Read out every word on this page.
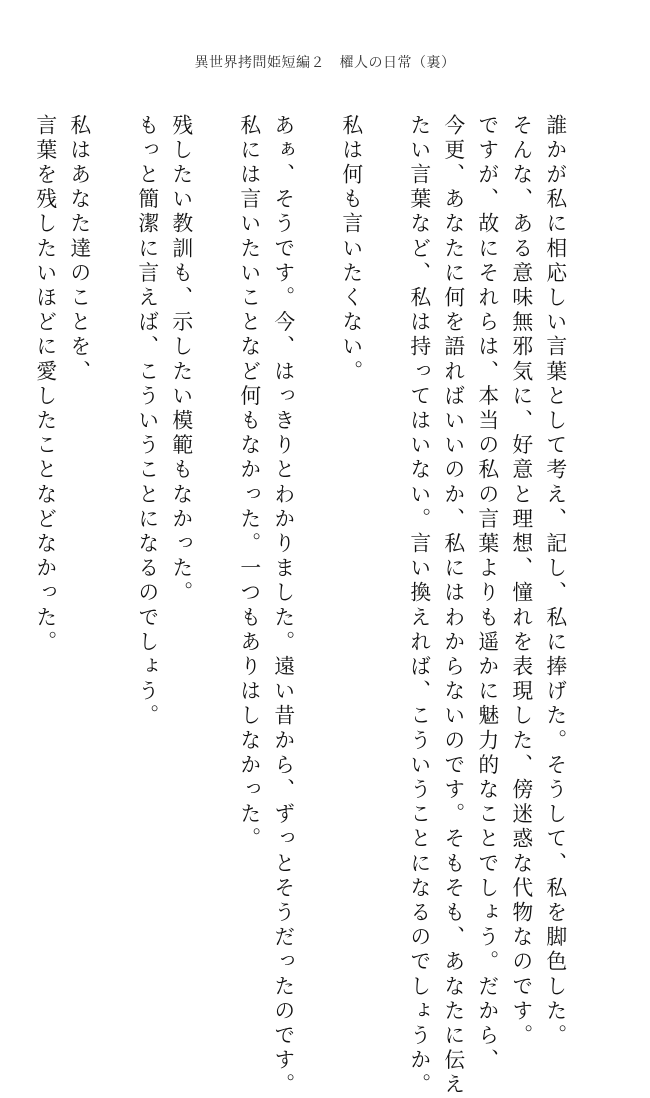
異世界拷問姫短編２　櫂人の日常（裏）
誰かが私に相応しい言葉として考え、記し、私に捧げた。そうして、私を脚色した。
そんな、ある意味無邪気に、好意と理想、憧れを表現した、傍迷惑な代物なのです。
ですが、故にそれらは、本当の私の言葉よりも遥かに魅力的なことでしょう。だから、
今更、あなたに何を語ればいいのか、私にはわからないのです。そもそも、あなたに伝え
たい言葉など、私は持ってはいない。言い換えれば、こういうことになるのでしょうか。
私は何も言いたくない。
あぁ、そうです。今、はっきりとわかりました。遠い昔から、ずっとそうだったのです。
私には言いたいことなど何もなかった。一つもありはしなかった。
残したい教訓も、示したい模範もなかった。
もっと簡潔に言えば、こういうことになるのでしょう。
私はあなた達のことを、
言葉を残したいほどに愛したことなどなかった。
